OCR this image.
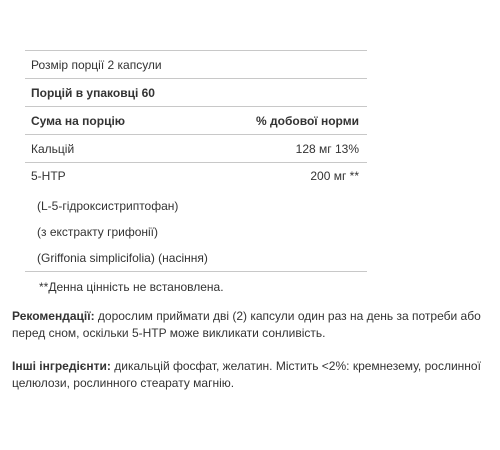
Розмір порції 2 капсули
Порцій в упаковці 60
Сума на порцію	% добової норми
Кальцій	128 мг 13%
5-HTP	200 мг **
(L-5-гідроксистриптофан)
(з екстракту грифонії)
(Griffonia simplicifolia) (насіння)
**Денна цінність не встановлена.
Рекомендації: дорослим приймати дві (2) капсули один раз на день за потреби або перед сном, оскільки 5-HTP може викликати сонливість.
Інші інгредієнти: дикальцій фосфат, желатин. Містить <2%: кремнезему, рослинної целюлози, рослинного стеарату магнію.
